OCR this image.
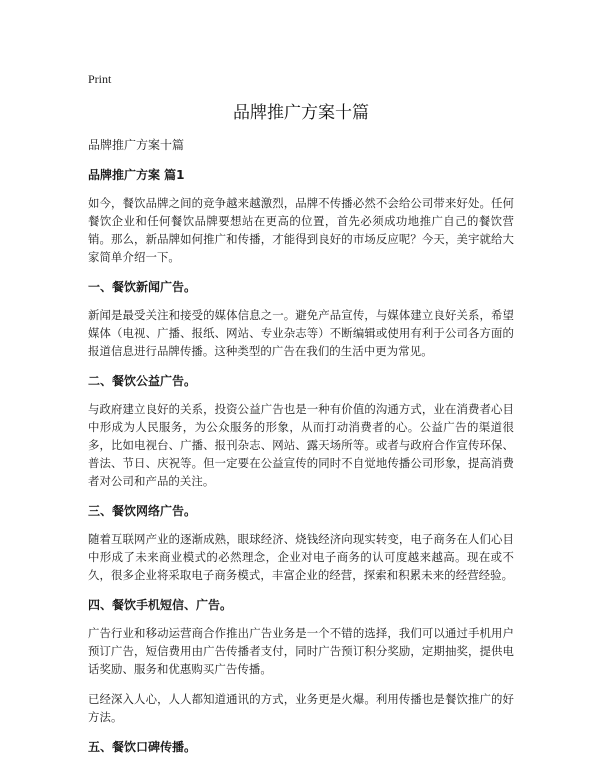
Print
品牌推广方案十篇
品牌推广方案十篇
品牌推广方案 篇1

如今，餐饮品牌之间的竞争越来越激烈，品牌不传播必然不会给公司带来好处。任何餐饮企业和任何餐饮品牌要想站在更高的位置，首先必须成功地推广自己的餐饮营销。那么，新品牌如何推广和传播，才能得到良好的市场反应呢？今天，美宇就给大家简单介绍一下。

一、餐饮新闻广告。

新闻是最受关注和接受的媒体信息之一。避免产品宣传，与媒体建立良好关系，希望媒体（电视、广播、报纸、网站、专业杂志等）不断编辑或使用有利于公司各方面的报道信息进行品牌传播。这种类型的广告在我们的生活中更为常见。

二、餐饮公益广告。

与政府建立良好的关系，投资公益广告也是一种有价值的沟通方式，业在消费者心目中形成为人民服务，为公众服务的形象，从而打动消费者的心。公益广告的渠道很多，比如电视台、广播、报刊杂志、网站、露天场所等。或者与政府合作宣传环保、普法、节日、庆祝等。但一定要在公益宣传的同时不自觉地传播公司形象，提高消费者对公司和产品的关注。

三、餐饮网络广告。

随着互联网产业的逐渐成熟，眼球经济、烧钱经济向现实转变，电子商务在人们心目中形成了未来商业模式的必然理念，企业对电子商务的认可度越来越高。现在或不久，很多企业将采取电子商务模式，丰富企业的经营，探索和积累未来的经营经验。

四、餐饮手机短信、广告。

广告行业和移动运营商合作推出广告业务是一个不错的选择，我们可以通过手机用户预订广告，短信费用由广告传播者支付，同时广告预订积分奖励，定期抽奖，提供电话奖励、服务和优惠购买广告传播。

已经深入人心，人人都知道通讯的方式，业务更是火爆。利用传播也是餐饮推广的好方法。

五、餐饮口碑传播。
